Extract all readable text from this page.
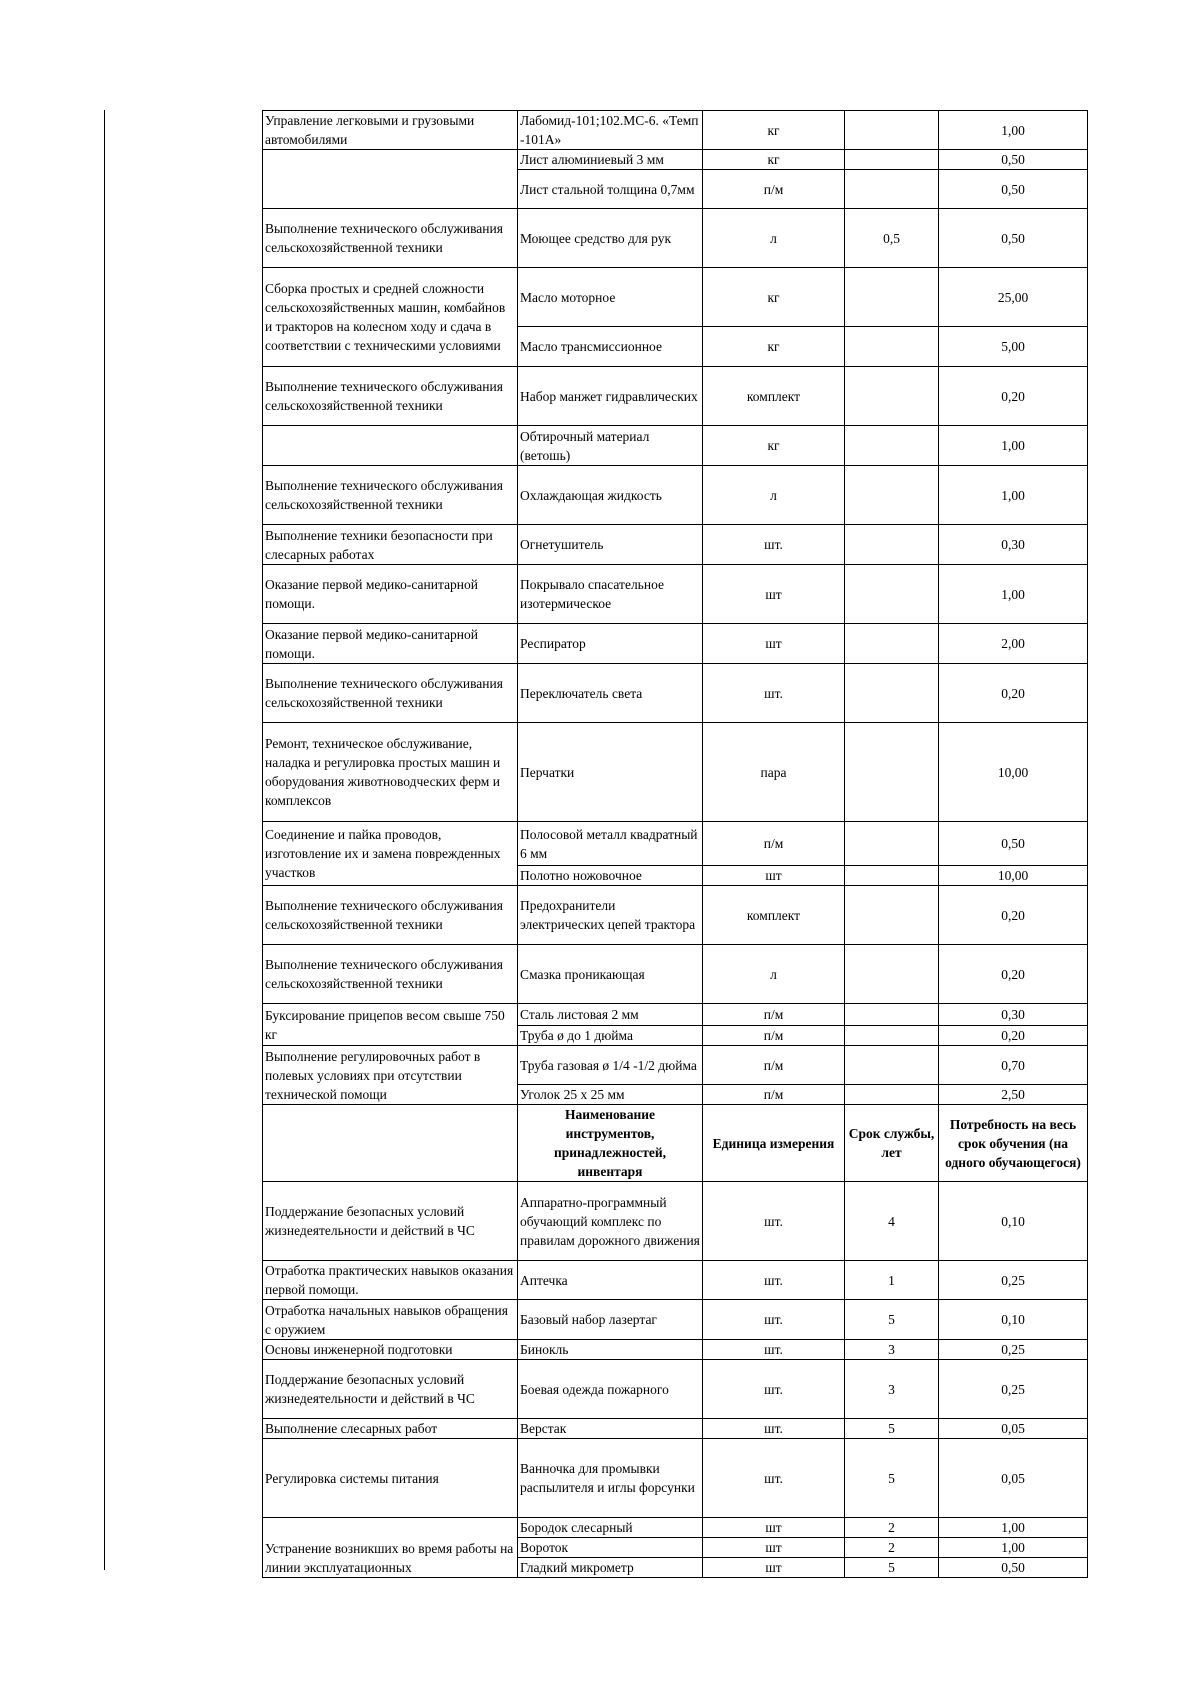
Управление легковыми и грузовыми автомобилями	Лабомид-101;102.МС-6. «Темп -101А»	кг		1,00
	Лист алюминиевый 3 мм	кг		0,50
	Лист стальной толщина 0,7мм	п/м		0,50
Выполнение технического обслуживания сельскохозяйственной техники	Моющее средство для рук	л	0,5	0,50
Сборка простых и средней сложности сельскохозяйственных машин, комбайнов и тракторов на колесном ходу и сдача в соответствии с техническими условиями	Масло моторное	кг		25,00
	Масло трансмиссионное	кг		5,00
Выполнение технического обслуживания сельскохозяйственной техники	Набор манжет гидравлических	комплект		0,20
	Обтирочный материал (ветошь)	кг		1,00
Выполнение технического обслуживания сельскохозяйственной техники	Охлаждающая жидкость	л		1,00
Выполнение техники безопасности при слесарных работах	Огнетушитель	шт.		0,30
Оказание первой медико-санитарной помощи.	Покрывало спасательное изотермическое	шт		1,00
Оказание первой медико-санитарной помощи.	Респиратор	шт		2,00
Выполнение технического обслуживания сельскохозяйственной техники	Переключатель света	шт.		0,20
Ремонт, техническое обслуживание, наладка и регулировка простых машин и оборудования животноводческих ферм и комплексов	Перчатки	пара		10,00
Соединение и пайка проводов, изготовление их и замена поврежденных участков	Полосовой металл квадратный 6 мм	п/м		0,50
	Полотно ножовочное	шт		10,00
Выполнение технического обслуживания сельскохозяйственной техники	Предохранители электрических цепей трактора	комплект		0,20
Выполнение технического обслуживания сельскохозяйственной техники	Смазка проникающая	л		0,20
Буксирование прицепов весом свыше 750 кг	Сталь листовая 2 мм	п/м		0,30
	Труба ø до 1 дюйма	п/м		0,20
Выполнение регулировочных работ в полевых условиях при отсутствии технической помощи	Труба газовая ø 1/4 -1/2 дюйма	п/м		0,70
	Уголок 25 х 25 мм	п/м		2,50
	Наименование инструментов, принадлежностей, инвентаря	Единица измерения	Срок службы, лет	Потребность на весь срок обучения (на одного обучающегося)
Поддержание безопасных условий жизнедеятельности и действий в ЧС	Аппаратно-программный обучающий комплекс по правилам дорожного движения	шт.	4	0,10
Отработка практических навыков оказания первой помощи.	Аптечка	шт.	1	0,25
Отработка начальных навыков обращения с оружием	Базовый набор лазертаг	шт.	5	0,10
Основы инженерной подготовки	Бинокль	шт.	3	0,25
Поддержание безопасных условий жизнедеятельности и действий в ЧС	Боевая одежда пожарного	шт.	3	0,25
Выполнение слесарных работ	Верстак	шт.	5	0,05
Регулировка системы питания	Ванночка для промывки распылителя и иглы форсунки	шт.	5	0,05
Устранение возникших во время работы на линии эксплуатационных	Бородок слесарный	шт	2	1,00
	Вороток	шт	2	1,00
	Гладкий микрометр	шт	5	0,50
